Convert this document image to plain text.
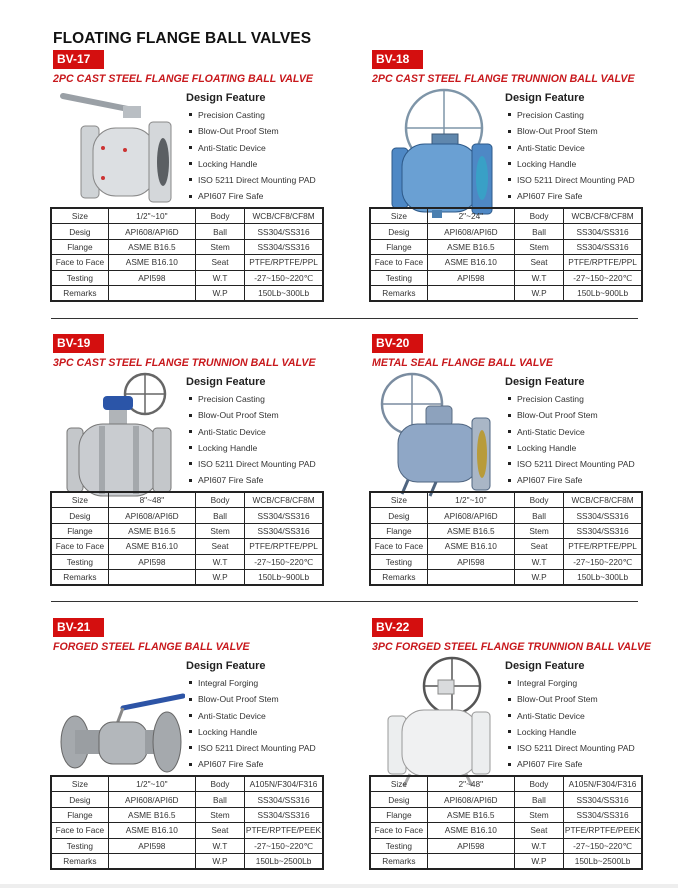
FLOATING FLANGE BALL VALVES
BV-17
2PC CAST STEEL FLANGE FLOATING BALL VALVE
Design Feature
Precision Casting
Blow-Out Proof Stem
Anti-Static Device
Locking Handle
ISO 5211 Direct Mounting PAD
API607 Fire Safe
Size	1/2"~10"	Body	WCB/CF8/CF8M
Desig	API608/API6D	Ball	SS304/SS316
Flange	ASME B16.5	Stem	SS304/SS316
Face to Face	ASME B16.10	Seat	PTFE/RPTFE/PPL
Testing	API598	W.T	-27~150~220℃
Remarks		W.P	150Lb~300Lb
BV-18
2PC CAST STEEL FLANGE TRUNNION BALL VALVE
Design Feature
Precision Casting
Blow-Out Proof Stem
Anti-Static Device
Locking Handle
ISO 5211 Direct Mounting PAD
API607 Fire Safe
Size	2"~24"	Body	WCB/CF8/CF8M
Desig	API608/API6D	Ball	SS304/SS316
Flange	ASME B16.5	Stem	SS304/SS316
Face to Face	ASME B16.10	Seat	PTFE/RPTFE/PPL
Testing	API598	W.T	-27~150~220℃
Remarks		W.P	150Lb~900Lb
BV-19
3PC CAST STEEL FLANGE TRUNNION BALL VALVE
Design Feature
Precision Casting
Blow-Out Proof Stem
Anti-Static Device
Locking Handle
ISO 5211 Direct Mounting PAD
API607 Fire Safe
Size	8"~48"	Body	WCB/CF8/CF8M
Desig	API608/API6D	Ball	SS304/SS316
Flange	ASME B16.5	Stem	SS304/SS316
Face to Face	ASME B16.10	Seat	PTFE/RPTFE/PPL
Testing	API598	W.T	-27~150~220℃
Remarks		W.P	150Lb~900Lb
BV-20
METAL SEAL FLANGE BALL VALVE
Design Feature
Precision Casting
Blow-Out Proof Stem
Anti-Static Device
Locking Handle
ISO 5211 Direct Mounting PAD
API607 Fire Safe
Size	1/2"~10"	Body	WCB/CF8/CF8M
Desig	API608/API6D	Ball	SS304/SS316
Flange	ASME B16.5	Stem	SS304/SS316
Face to Face	ASME B16.10	Seat	PTFE/RPTFE/PPL
Testing	API598	W.T	-27~150~220℃
Remarks		W.P	150Lb~300Lb
BV-21
FORGED STEEL FLANGE BALL VALVE
Design Feature
Integral Forging
Blow-Out Proof Stem
Anti-Static Device
Locking Handle
ISO 5211 Direct Mounting PAD
API607 Fire Safe
Size	1/2"~10"	Body	A105N/F304/F316
Desig	API608/API6D	Ball	SS304/SS316
Flange	ASME B16.5	Stem	SS304/SS316
Face to Face	ASME B16.10	Seat	PTFE/RPTFE/PEEK
Testing	API598	W.T	-27~150~220℃
Remarks		W.P	150Lb~2500Lb
BV-22
3PC FORGED STEEL FLANGE TRUNNION BALL VALVE
Design Feature
Integral Forging
Blow-Out Proof Stem
Anti-Static Device
Locking Handle
ISO 5211 Direct Mounting PAD
API607 Fire Safe
Size	2"~48"	Body	A105N/F304/F316
Desig	API608/API6D	Ball	SS304/SS316
Flange	ASME B16.5	Stem	SS304/SS316
Face to Face	ASME B16.10	Seat	PTFE/RPTFE/PEEK
Testing	API598	W.T	-27~150~220℃
Remarks		W.P	150Lb~2500Lb
